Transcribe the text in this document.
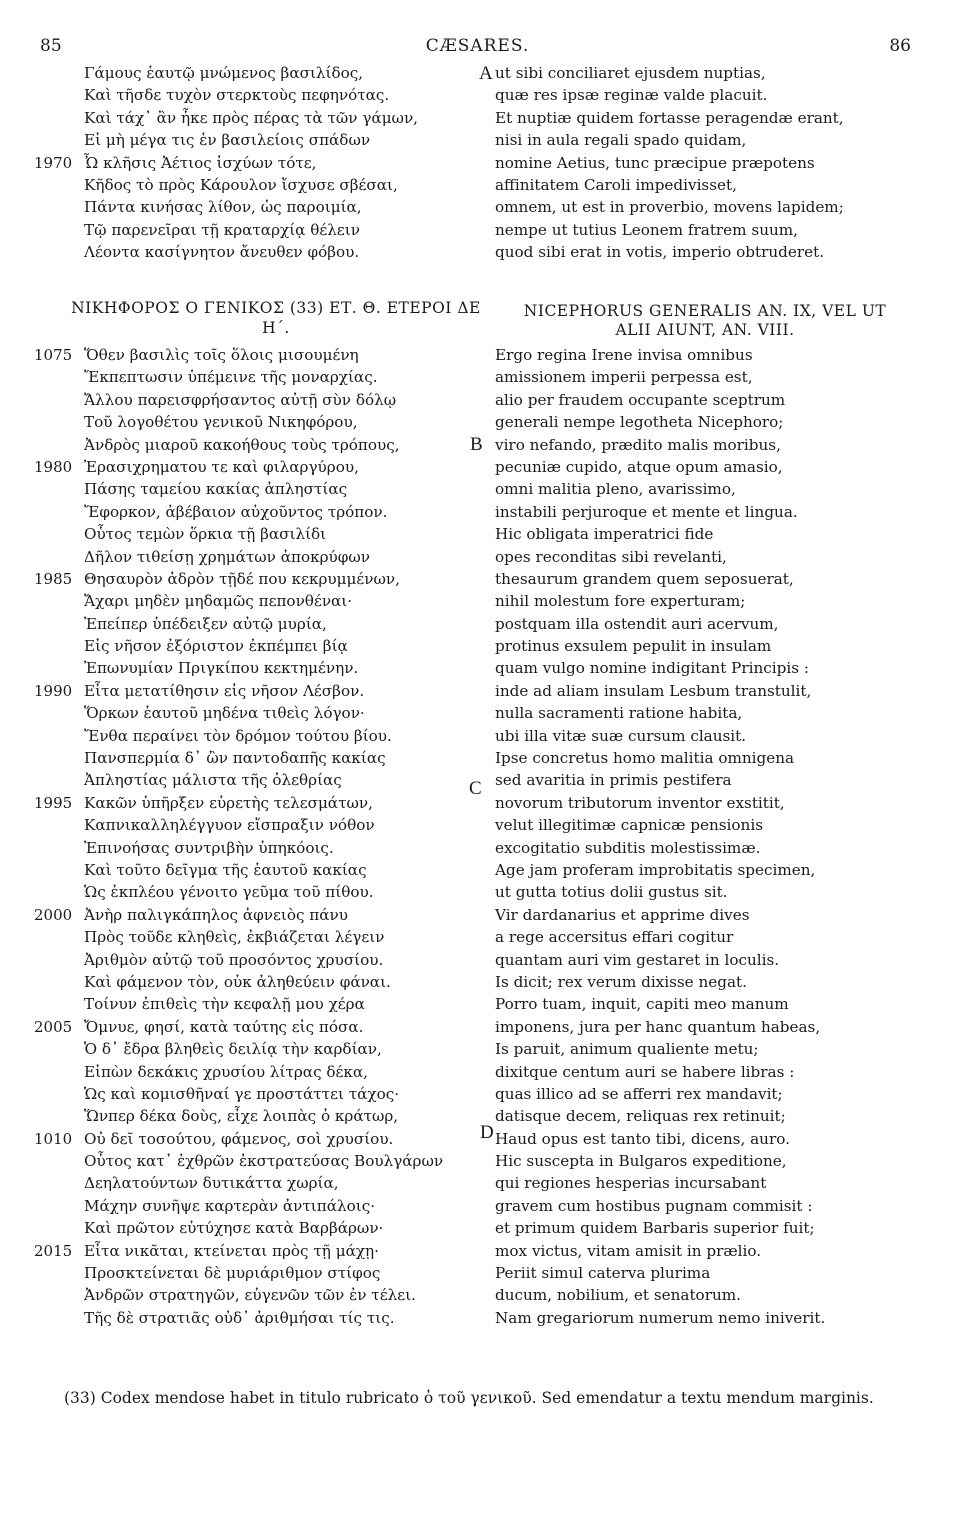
85	CÆSARES.	86
Γάμους ἑαυτῷ μνώμενος βασιλίδος,
Καὶ τῆσδε τυχὸν στερκτοὺς πεφηνότας.
Καὶ τάχ᾽ ἂν ἧκε πρὸς πέρας τὰ τῶν γάμων,
Εἰ μὴ μέγα τις ἐν βασιλείοις σπάδων
1970 Ὦ κλῆσις Ἀέτιος ἰσχύων τότε,
Κῆδος τὸ πρὸς Κάρουλον ἴσχυσε σβέσαι,
Πάντα κινήσας λίθον, ὡς παροιμία,
Τῷ παρενεῖραι τῇ κραταρχίᾳ θέλειν
Λέοντα κασίγνητον ἄνευθεν φόβου.
ut sibi conciliaret ejusdem nuptias,
quæ res ipsæ reginæ valde placuit.
Et nuptiæ quidem fortasse peragendæ erant,
nisi in aula regali spado quidam,
nomine Aetius, tunc præcipue præpotens
affinitatem Caroli impedivisset,
omnem, ut est in proverbio, movens lapidem;
nempe ut tutius Leonem fratrem suum,
quod sibi erat in votis, imperio obtruderet.
ΝΙΚΗΦΟΡΟΣ Ο ΓΕΝΙΚΟΣ (33) ΕΤ. Θ. ΕΤΕΡΟΙ ΔΕ Η΄.
NICEPHORUS GENERALIS AN. IX, VEL UT ALII AIUNT, AN. VIII.
1075 Ὅθεν βασιλὶς τοῖς ὅλοις μισουμένη
Ἔκπεπτωσιν ὑπέμεινε τῆς μοναρχίας.
Ἄλλου παρεισφρήσαντος αὐτῇ σὺν δόλῳ
Τοῦ λογοθέτου γενικοῦ Νικηφόρου,
Ἀνδρὸς μιαροῦ κακοήθους τοὺς τρόπους,
1980 Ἐρασιχρηματου τε καὶ φιλαργύρου,
Πάσης ταμείου κακίας ἀπληστίας
Ἔφορκον, ἀβέβαιον αὐχοῦντος τρόπον.
Οὗτος τεμὼν ὅρκια τῇ βασιλίδι
Δῆλον τιθείσῃ χρημάτων ἀποκρύφων
1985 Θησαυρὸν ἁδρὸν τῇδέ που κεκρυμμένων,
Ἄχαρι μηδὲν μηδαμῶς πεπονθέναι·
Ἐπείπερ ὑπέδειξεν αὐτῷ μυρία,
Εἰς νῆσον ἐξόριστον ἐκπέμπει βίᾳ
Ἐπωνυμίαν Πριγκίπου κεκτημένην.
1990 Εἶτα μετατίθησιν εἰς νῆσον Λέσβον.
Ὅρκων ἑαυτοῦ μηδένα τιθεὶς λόγον·
Ἔνθα περαίνει τὸν δρόμον τούτου βίου.
Πανσπερμία δ᾽ ὢν παντοδαπῆς κακίας
Ἀπληστίας μάλιστα τῆς ὀλεθρίας
1995 Κακῶν ὑπῆρξεν εὑρετὴς τελεσμάτων,
Καπνικαλληλέγγυον εἴσπραξιν νόθον
Ἐπινοήσας συντριβὴν ὑπηκόοις.
Καὶ τοῦτο δεῖγμα τῆς ἑαυτοῦ κακίας
Ὡς ἐκπλέου γένοιτο γεῦμα τοῦ πίθου.
2000 Ἀνὴρ παλιγκάπηλος ἀφνειὸς πάνυ
Πρὸς τοῦδε κληθεὶς, ἐκβιάζεται λέγειν
Ἀριθμὸν αὐτῷ τοῦ προσόντος χρυσίου.
Καὶ φάμενον τὸν, οὐκ ἀληθεύειν φάναι.
Τοίνυν ἐπιθεὶς τὴν κεφαλῇ μου χέρα
2005 Ὄμνυε, φησί, κατὰ ταύτης εἰς πόσα.
Ὁ δ᾽ ἔδρα βληθεὶς δειλίᾳ τὴν καρδίαν,
Εἰπὼν δεκάκις χρυσίου λίτρας δέκα,
Ὡς καὶ κομισθῆναί γε προστάττει τάχος·
Ὥνπερ δέκα δοὺς, εἶχε λοιπὰς ὁ κράτωρ,
1010 Οὐ δεῖ τοσούτου, φάμενος, σοὶ χρυσίου.
Οὗτος κατ᾽ ἐχθρῶν ἐκστρατεύσας Βουλγάρων
Δεηλατούντων δυτικάττα χωρία,
Μάχην συνῆψε καρτερὰν ἀντιπάλοις·
Καὶ πρῶτον εὐτύχησε κατὰ Βαρβάρων·
2015 Εἶτα νικᾶται, κτείνεται πρὸς τῇ μάχῃ·
Προσκτείνεται δὲ μυριάριθμον στίφος
Ἀνδρῶν στρατηγῶν, εὐγενῶν τῶν ἐν τέλει.
Τῆς δὲ στρατιᾶς οὐδ᾽ ἀριθμήσαι τίς τις.
Ergo regina Irene invisa omnibus
amissionem imperii perpessa est,
alio per fraudem occupante sceptrum
generali nempe legotheta Nicephoro;
viro nefando, prædito malis moribus,
pecuniæ cupido, atque opum amasio,
omni malitia pleno, avarissimo,
instabili perjuroque et mente et lingua.
Hic obligata imperatrici fide
opes reconditas sibi revelanti,
thesaurum grandem quem seposuerat,
nihil molestum fore experturam;
postquam illa ostendit auri acervum,
protinus exsulem pepulit in insulam
quam vulgo nomine indigitant Principis :
inde ad aliam insulam Lesbum transtulit,
nulla sacramenti ratione habita,
ubi illa vitæ suæ cursum clausit.
Ipse concretus homo malitia omnigena
sed avaritia in primis pestifera
novorum tributorum inventor exstitit,
velut illegitimæ capnicæ pensionis
excogitatio subditis molestissimæ.
Age jam proferam improbitatis specimen,
ut gutta totius dolii gustus sit.
Vir dardanarius et apprime dives
a rege accersitus effari cogitur
quantam auri vim gestaret in loculis.
Is dicit; rex verum dixisse negat.
Porro tuam, inquit, capiti meo manum
imponens, jura per hanc quantum habeas,
Is paruit, animum qualiente metu;
dixitque centum auri se habere libras :
quas illico ad se afferri rex mandavit;
datisque decem, reliquas rex retinuit;
Haud opus est tanto tibi, dicens, auro.
Hic suscepta in Bulgaros expeditione,
qui regiones hesperias incursabant
gravem cum hostibus pugnam commisit :
et primum quidem Barbaris superior fuit;
mox victus, vitam amisit in prælio.
Periit simul caterva plurima
ducum, nobilium, et senatorum.
Nam gregariorum numerum nemo iniverit.
A
B
C
D
(33) Codex mendose habet in titulo rubricato ὁ τοῦ γενικοῦ. Sed emendatur a textu mendum marginis.
